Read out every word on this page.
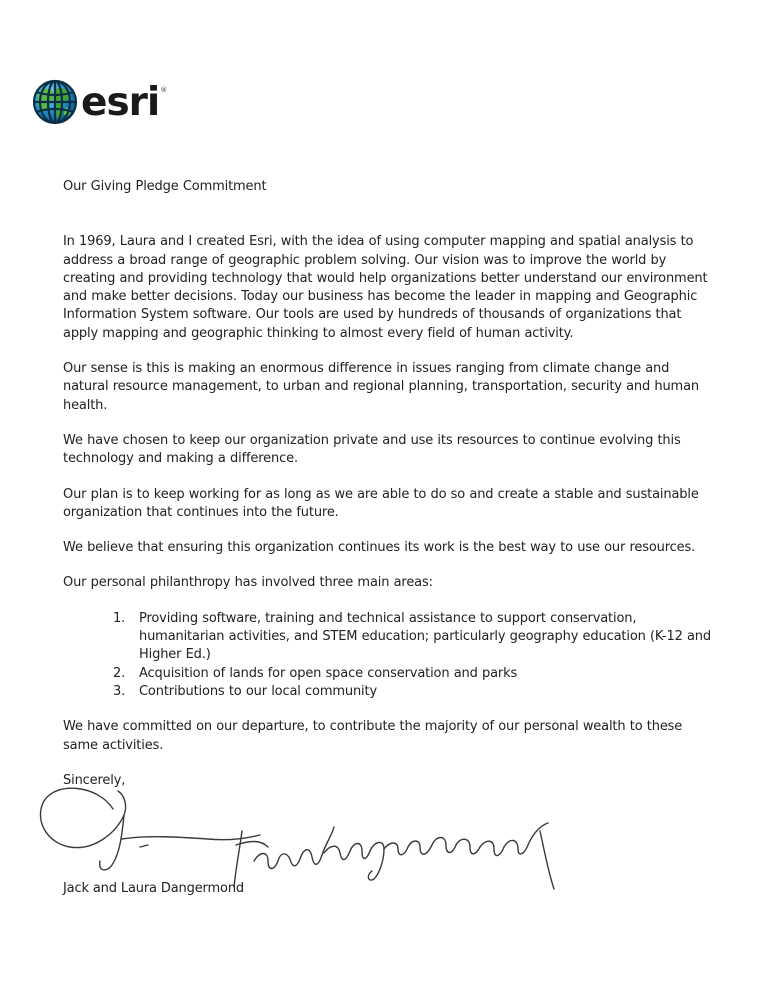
esri ®

Our Giving Pledge Commitment

In 1969, Laura and I created Esri, with the idea of using computer mapping and spatial analysis to address a broad range of geographic problem solving. Our vision was to improve the world by creating and providing technology that would help organizations better understand our environment and make better decisions. Today our business has become the leader in mapping and Geographic Information System software. Our tools are used by hundreds of thousands of organizations that apply mapping and geographic thinking to almost every field of human activity.

Our sense is this is making an enormous difference in issues ranging from climate change and natural resource management, to urban and regional planning, transportation, security and human health.

We have chosen to keep our organization private and use its resources to continue evolving this technology and making a difference.

Our plan is to keep working for as long as we are able to do so and create a stable and sustainable organization that continues into the future.

We believe that ensuring this organization continues its work is the best way to use our resources.

Our personal philanthropy has involved three main areas:

1.	Providing software, training and technical assistance to support conservation, humanitarian activities, and STEM education; particularly geography education (K-12 and Higher Ed.)
2.	Acquisition of lands for open space conservation and parks
3.	Contributions to our local community

We have committed on our departure, to contribute the majority of our personal wealth to these same activities.

Sincerely,

Jack and Laura Dangermond
